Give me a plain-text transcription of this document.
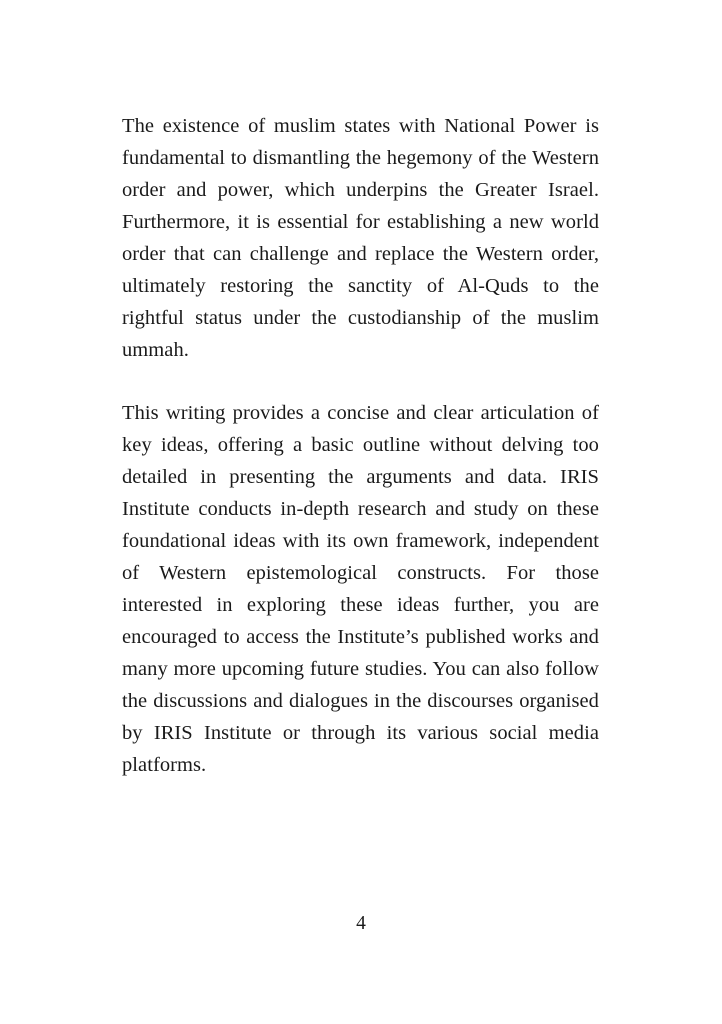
The existence of muslim states with National Power is fundamental to dismantling the hegemony of the Western order and power, which underpins the Greater Israel. Furthermore, it is essential for establishing a new world order that can challenge and replace the Western order, ultimately restoring the sanctity of Al-Quds to the rightful status under the custodianship of the muslim ummah.

This writing provides a concise and clear articulation of key ideas, offering a basic outline without delving too detailed in presenting the arguments and data. IRIS Institute conducts in-depth research and study on these foundational ideas with its own framework, independent of Western epistemological constructs. For those interested in exploring these ideas further, you are encouraged to access the Institute’s published works and many more upcoming future studies. You can also follow the discussions and dialogues in the discourses organised by IRIS Institute or through its various social media platforms.

4
